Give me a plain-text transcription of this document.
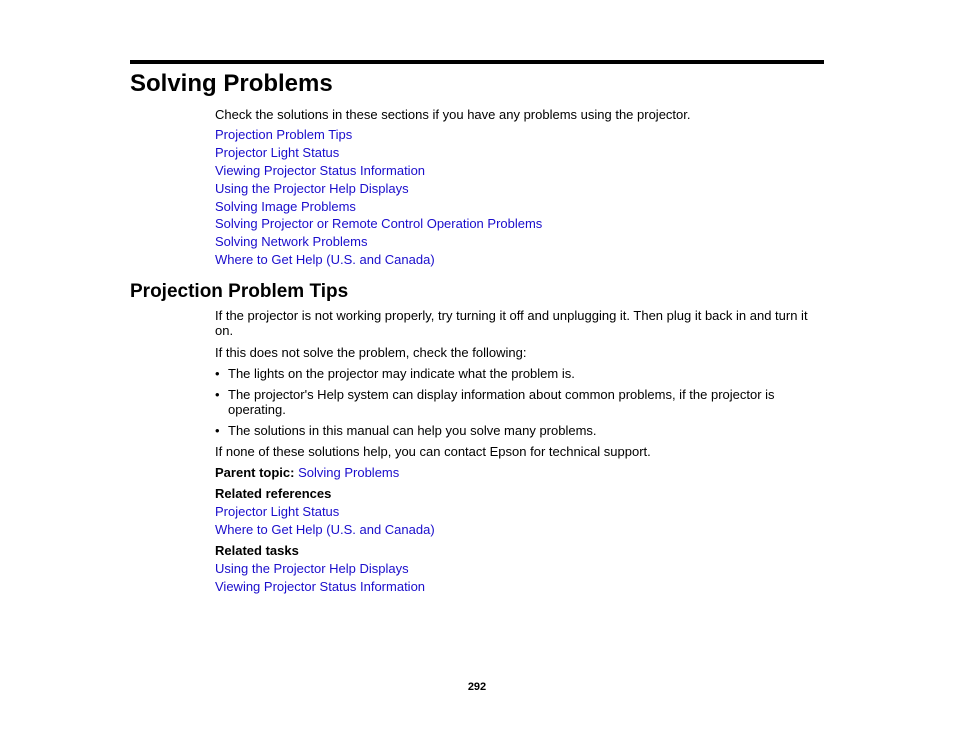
Solving Problems

Check the solutions in these sections if you have any problems using the projector.

Projection Problem Tips
Projector Light Status
Viewing Projector Status Information
Using the Projector Help Displays
Solving Image Problems
Solving Projector or Remote Control Operation Problems
Solving Network Problems
Where to Get Help (U.S. and Canada)
Projection Problem Tips

If the projector is not working properly, try turning it off and unplugging it. Then plug it back in and turn it on.

If this does not solve the problem, check the following:

• The lights on the projector may indicate what the problem is.
• The projector's Help system can display information about common problems, if the projector is operating.
• The solutions in this manual can help you solve many problems.

If none of these solutions help, you can contact Epson for technical support.

Parent topic: Solving Problems

Related references

Projector Light Status

Where to Get Help (U.S. and Canada)

Related tasks

Using the Projector Help Displays

Viewing Projector Status Information

292
